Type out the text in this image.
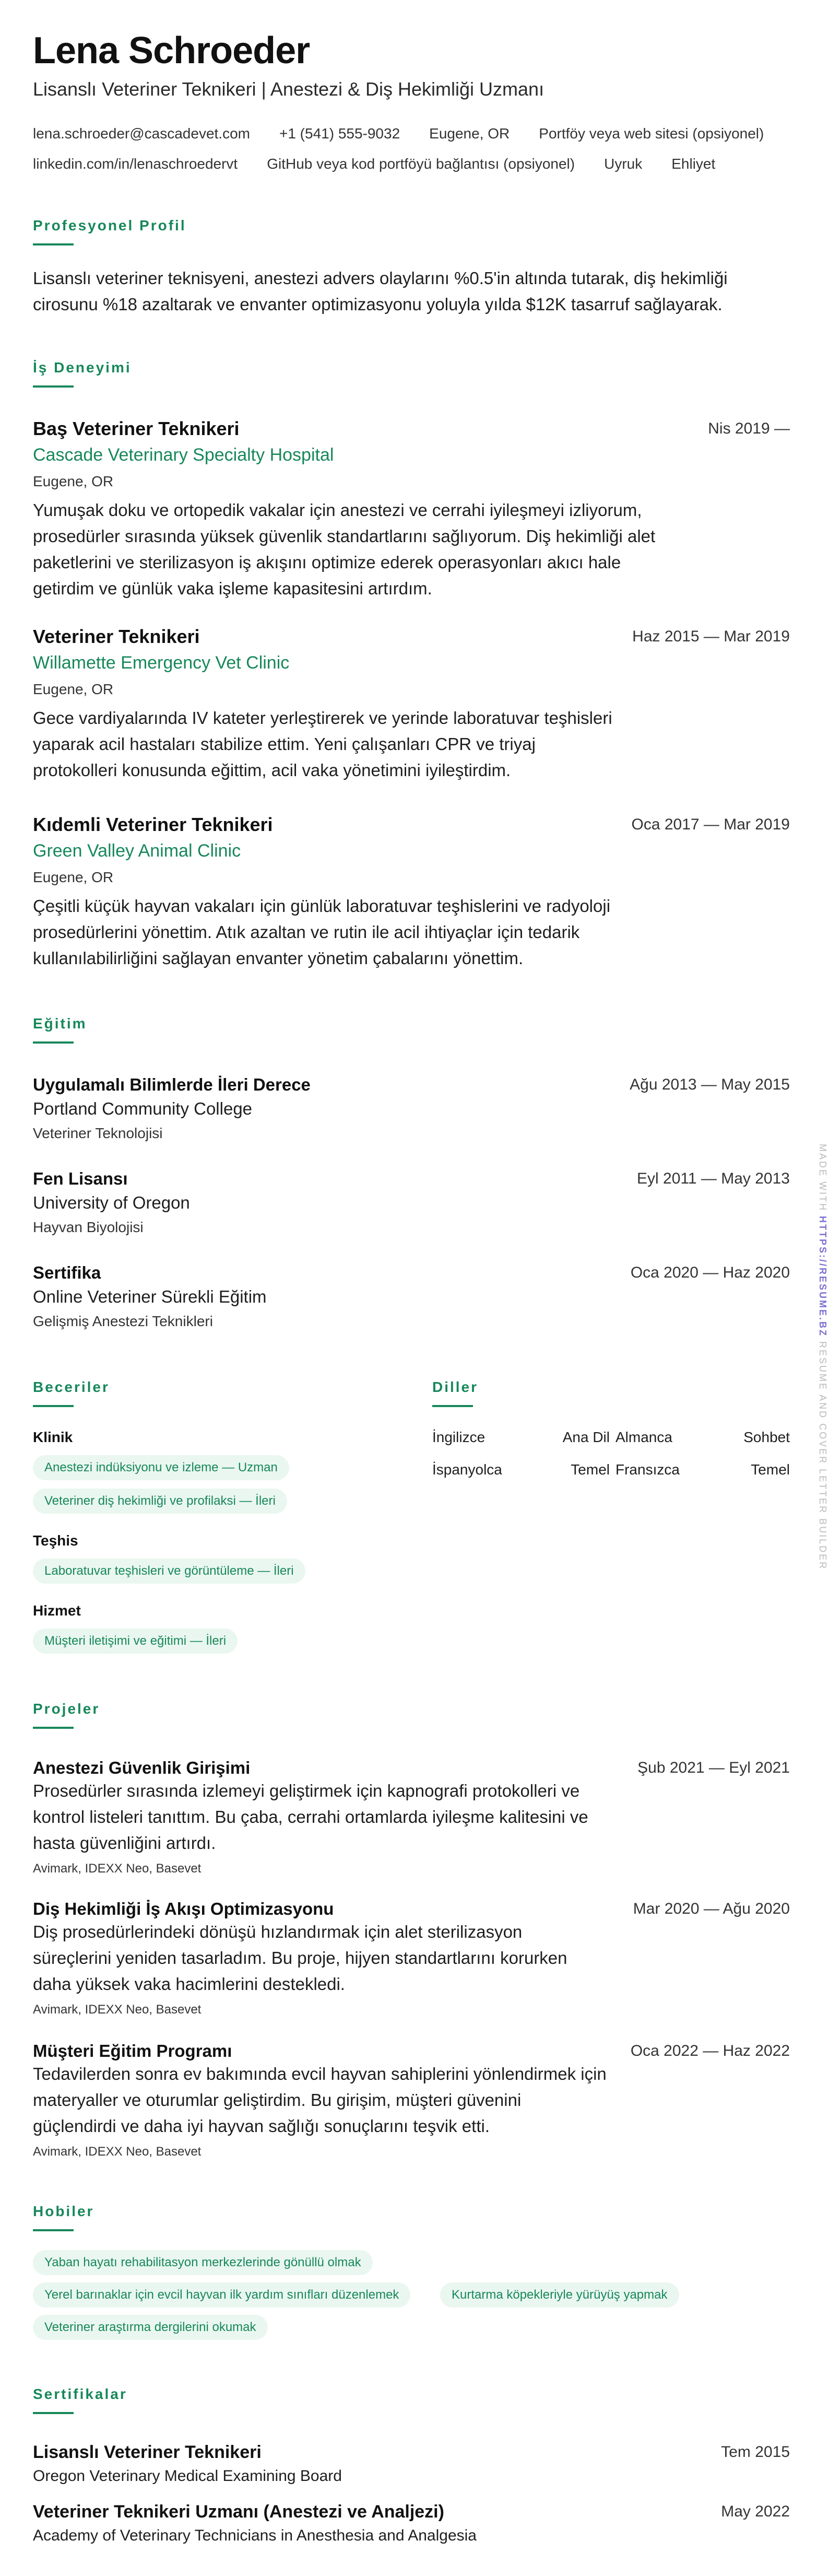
Lena Schroeder

Lisanslı Veteriner Teknikeri | Anestezi & Diş Hekimliği Uzmanı

lena.schroeder@cascadevet.com +1 (541) 555-9032 Eugene, OR Portföy veya web sitesi (opsiyonel)
linkedin.com/in/lenaschroedervt GitHub veya kod portföyü bağlantısı (opsiyonel) Uyruk Ehliyet
Profesyonel Profil

Lisanslı veteriner teknisyeni, anestezi advers olaylarını %0.5'in altında tutarak, diş hekimliği

cirosunu %18 azaltarak ve envanter optimizasyonu yoluyla yılda $12K tasarruf sağlayarak.

İş Deneyimi

Baş Veteriner Teknikeri	Nis 2019 —

Cascade Veterinary Specialty Hospital

Eugene, OR

Yumuşak doku ve ortopedik vakalar için anestezi ve cerrahi iyileşmeyi izliyorum,

prosedürler sırasında yüksek güvenlik standartlarını sağlıyorum. Diş hekimliği alet

paketlerini ve sterilizasyon iş akışını optimize ederek operasyonları akıcı hale

getirdim ve günlük vaka işleme kapasitesini artırdım.

Veteriner Teknikeri	Haz 2015 — Mar 2019

Willamette Emergency Vet Clinic

Eugene, OR

Gece vardiyalarında IV kateter yerleştirerek ve yerinde laboratuvar teşhisleri

yaparak acil hastaları stabilize ettim. Yeni çalışanları CPR ve triyaj

protokolleri konusunda eğittim, acil vaka yönetimini iyileştirdim.

Kıdemli Veteriner Teknikeri	Oca 2017 — Mar 2019

Green Valley Animal Clinic

Eugene, OR

Çeşitli küçük hayvan vakaları için günlük laboratuvar teşhislerini ve radyoloji

prosedürlerini yönettim. Atık azaltan ve rutin ile acil ihtiyaçlar için tedarik

kullanılabilirliğini sağlayan envanter yönetim çabalarını yönettim.

Eğitim

Uygulamalı Bilimlerde İleri Derece	Ağu 2013 — May 2015

Portland Community College

Veteriner Teknolojisi

Fen Lisansı	Eyl 2011 — May 2013

University of Oregon

Hayvan Biyolojisi

Sertifika	Oca 2020 — Haz 2020

Online Veteriner Sürekli Eğitim

Gelişmiş Anestezi Teknikleri

Beceriler
Klinik
Anestezi indüksiyonu ve izleme — Uzman
Veteriner diş hekimliği ve profilaksi — İleri
Teşhis
Laboratuvar teşhisleri ve görüntüleme — İleri
Hizmet
Müşteri iletişimi ve eğitimi — İleri
Diller
İngilizce	Ana Dil Almanca	Sohbet
İspanyolca	Temel Fransızca	Temel
Projeler

Anestezi Güvenlik Girişimi	Şub 2021 — Eyl 2021

Prosedürler sırasında izlemeyi geliştirmek için kapnografi protokolleri ve

kontrol listeleri tanıttım. Bu çaba, cerrahi ortamlarda iyileşme kalitesini ve

hasta güvenliğini artırdı.

Avimark, IDEXX Neo, Basevet

Diş Hekimliği İş Akışı Optimizasyonu	Mar 2020 — Ağu 2020

Diş prosedürlerindeki dönüşü hızlandırmak için alet sterilizasyon

süreçlerini yeniden tasarladım. Bu proje, hijyen standartlarını korurken

daha yüksek vaka hacimlerini destekledi.

Avimark, IDEXX Neo, Basevet

Müşteri Eğitim Programı	Oca 2022 — Haz 2022

Tedavilerden sonra ev bakımında evcil hayvan sahiplerini yönlendirmek için

materyaller ve oturumlar geliştirdim. Bu girişim, müşteri güvenini

güçlendirdi ve daha iyi hayvan sağlığı sonuçlarını teşvik etti.

Avimark, IDEXX Neo, Basevet

Hobiler
Yaban hayatı rehabilitasyon merkezlerinde gönüllü olmak
Yerel barınaklar için evcil hayvan ilk yardım sınıfları düzenlemek	Kurtarma köpekleriyle yürüyüş yapmak
Veteriner araştırma dergilerini okumak
Sertifikalar

Lisanslı Veteriner Teknikeri	Tem 2015

Oregon Veterinary Medical Examining Board

Veteriner Teknikeri Uzmanı (Anestezi ve Analjezi)	May 2022

Academy of Veterinary Technicians in Anesthesia and Analgesia

MADE WITH HTTPS://RESUME.BZ RESUME AND COVER LETTER BUILDER
